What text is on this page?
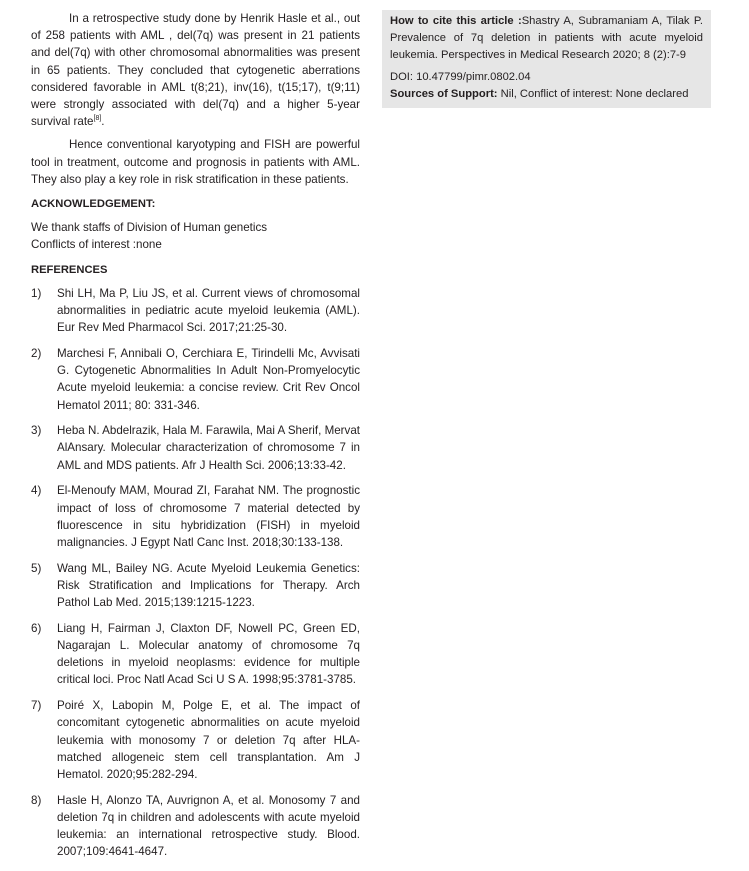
In a retrospective study done by Henrik Hasle et al., out of 258 patients with AML , del(7q) was present in 21 patients and del(7q) with other chromosomal abnormalities was present in 65 patients. They concluded that cytogenetic aberrations considered favorable in AML t(8;21), inv(16), t(15;17), t(9;11) were strongly associated with del(7q) and a higher 5-year survival rate[8].

Hence conventional karyotyping and FISH are powerful tool in treatment, outcome and prognosis in patients with AML. They also play a key role in risk stratification in these patients.

ACKNOWLEDGEMENT:

We thank staffs of Division of Human genetics

Conflicts of interest :none

REFERENCES
1)	Shi LH, Ma P, Liu JS, et al. Current views of chromosomal abnormalities in pediatric acute myeloid leukemia (AML). Eur Rev Med Pharmacol Sci. 2017;21:25-30.
2)	Marchesi F, Annibali O, Cerchiara E, Tirindelli Mc, Avvisati G. Cytogenetic Abnormalities In Adult Non-Promyelocytic Acute myeloid leukemia: a concise review. Crit Rev Oncol Hematol 2011; 80: 331-346.
3)	Heba N. Abdelrazik, Hala M. Farawila, Mai A Sherif, Mervat AlAnsary. Molecular characterization of chromosome 7 in AML and MDS patients. Afr J Health Sci. 2006;13:33-42.
4)	El-Menoufy MAM, Mourad ZI, Farahat NM. The prognostic impact of loss of chromosome 7 material detected by fluorescence in situ hybridization (FISH) in myeloid malignancies. J Egypt Natl Canc Inst. 2018;30:133-138.
5)	Wang ML, Bailey NG. Acute Myeloid Leukemia Genetics: Risk Stratification and Implications for Therapy. Arch Pathol Lab Med. 2015;139:1215-1223.
6)	Liang H, Fairman J, Claxton DF, Nowell PC, Green ED, Nagarajan L. Molecular anatomy of chromosome 7q deletions in myeloid neoplasms: evidence for multiple critical loci. Proc Natl Acad Sci U S A. 1998;95:3781-3785.
7)	Poiré X, Labopin M, Polge E, et al. The impact of concomitant cytogenetic abnormalities on acute myeloid leukemia with monosomy 7 or deletion 7q after HLA-matched allogeneic stem cell transplantation. Am J Hematol. 2020;95:282-294.
8)	Hasle H, Alonzo TA, Auvrignon A, et al. Monosomy 7 and deletion 7q in children and adolescents with acute myeloid leukemia: an international retrospective study. Blood. 2007;109:4641-4647.

How to cite this article :Shastry A, Subramaniam A, Tilak P. Prevalence of 7q deletion in patients with acute myeloid leukemia. Perspectives in Medical Research 2020; 8 (2):7-9

DOI: 10.47799/pimr.0802.04

Sources of Support: Nil, Conflict of interest: None declared
